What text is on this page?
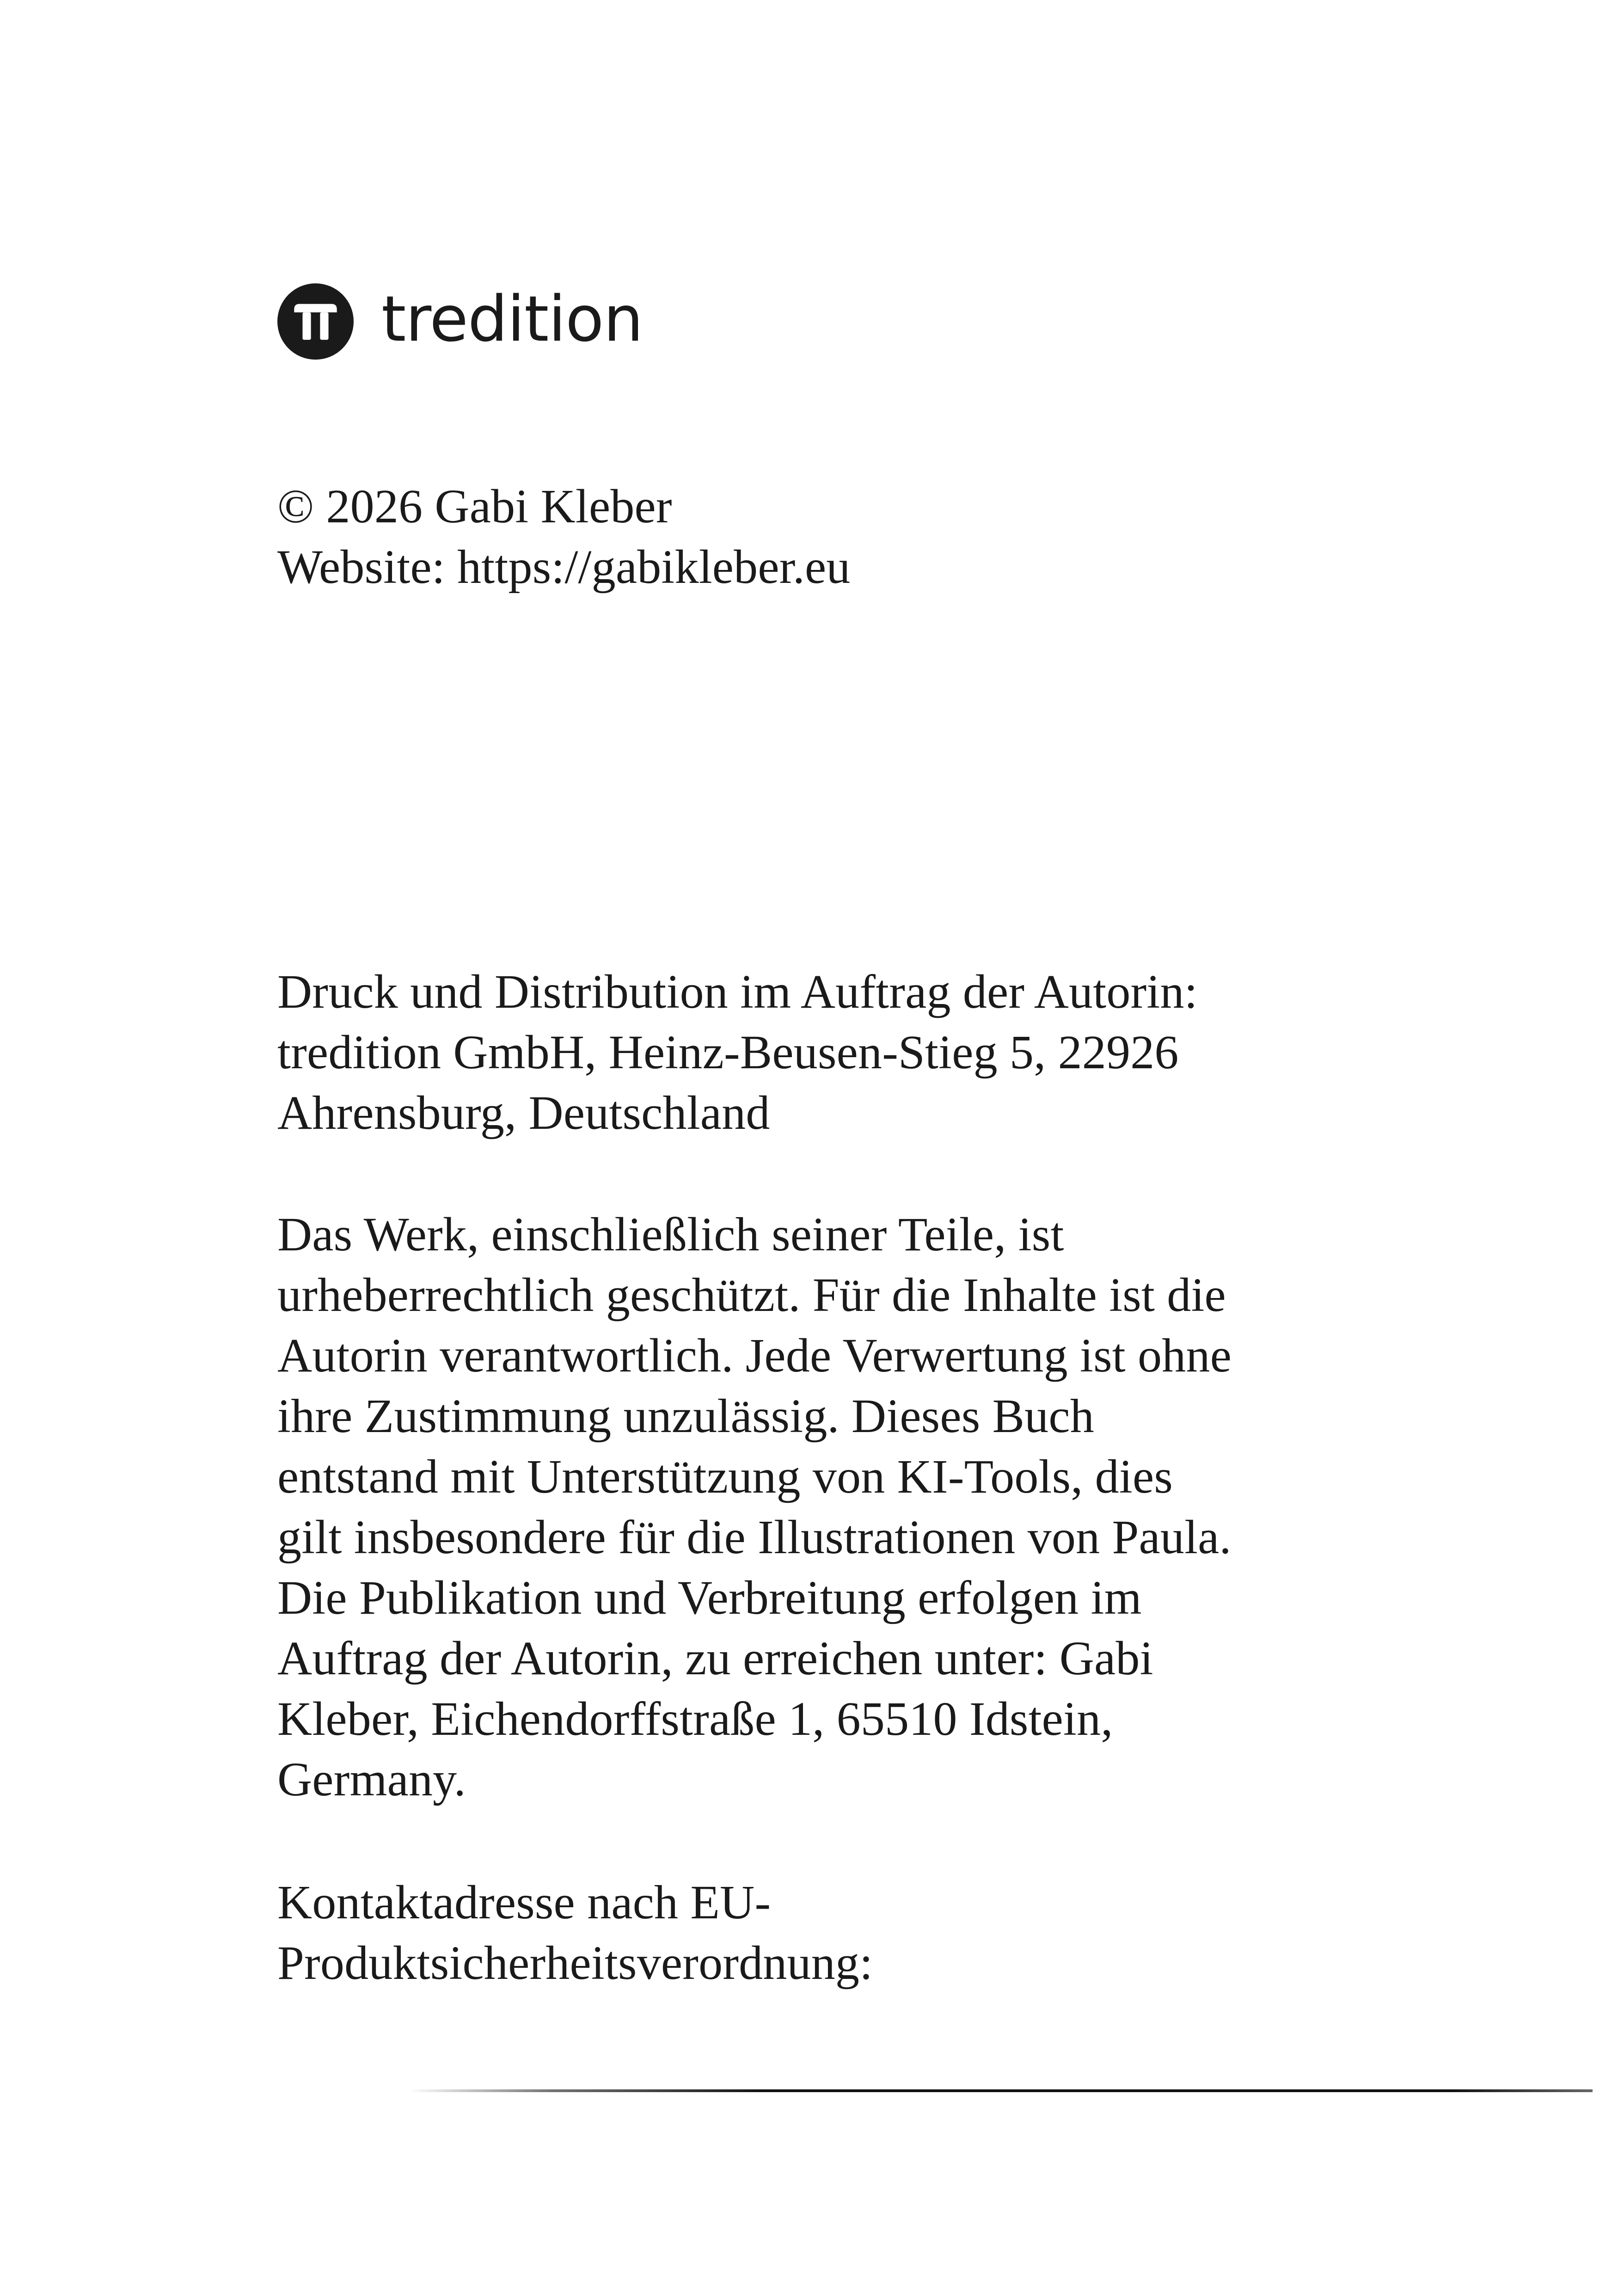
tredition
© 2026 Gabi Kleber
Website: https://gabikleber.eu
Druck und Distribution im Auftrag der Autorin:
tredition GmbH, Heinz-Beusen-Stieg 5, 22926
Ahrensburg, Deutschland
Das Werk, einschließlich seiner Teile, ist
urheberrechtlich geschützt. Für die Inhalte ist die
Autorin verantwortlich. Jede Verwertung ist ohne
ihre Zustimmung unzulässig. Dieses Buch
entstand mit Unterstützung von KI-Tools, dies
gilt insbesondere für die Illustrationen von Paula.
Die Publikation und Verbreitung erfolgen im
Auftrag der Autorin, zu erreichen unter: Gabi
Kleber, Eichendorffstraße 1, 65510 Idstein,
Germany.
Kontaktadresse nach EU-
Produktsicherheitsverordnung:
